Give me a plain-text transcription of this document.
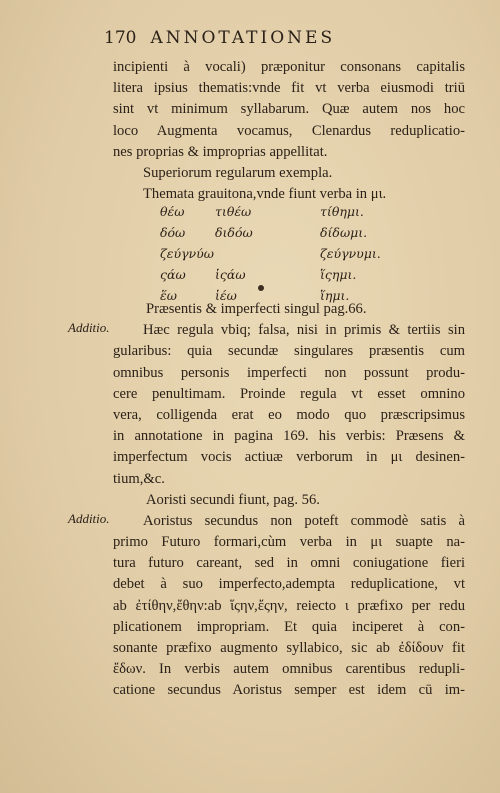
170 ANNOTATIONES
incipienti à vocali) præponitur consonans capitalis
litera ipsius thematis:vnde fit vt verba eiusmodi triū
sint vt minimum syllabarum. Quæ autem nos hoc
loco Augmenta vocamus, Clenardus reduplicatio-
nes proprias & improprias appellitat.
Superiorum regularum exempla.
Themata grauitona,vnde fiunt verba in μι.
θέω τιθέω	τίθημι.
δόω διδόω	δίδωμι.
ζεύγνύω	ζεύγνυμι.
ςάω ἱςάω	ἵςημι.
ἕω	ἱέω	ἵημι.
Præsentis & imperfecti singul pag.66.
Hæc regula vbiq; falsa, nisi in primis & tertiis sin
gularibus: quia secundæ singulares præsentis cum
omnibus personis imperfecti non possunt produ-
cere penultimam. Proinde regula vt esset omnino
vera, colligenda erat eo modo quo præscripsimus
in annotatione in pagina 169. his verbis: Præsens &
imperfectum vocis actiuæ verborum in μι desinen-
tium,&c.
Aoristi secundi fiunt, pag. 56.
Aoristus secundus non poteft commodè satis à
primo Futuro formari,cùm verba in μι suapte na-
tura futuro careant, sed in omni coniugatione fieri
debet à suo imperfecto,adempta reduplicatione, vt
ab ἐτίθην,ἔθην:ab ἵςην,ἔςην, reiecto ι præfixo per redu
plicationem impropriam. Et quia inciperet à con-
sonante præfixo augmento syllabico, sic ab ἐδίδουν fit
ἔδων. In verbis autem omnibus carentibus redupli-
catione secundus Aoristus semper est idem cū im-
Additio.
Additio.
